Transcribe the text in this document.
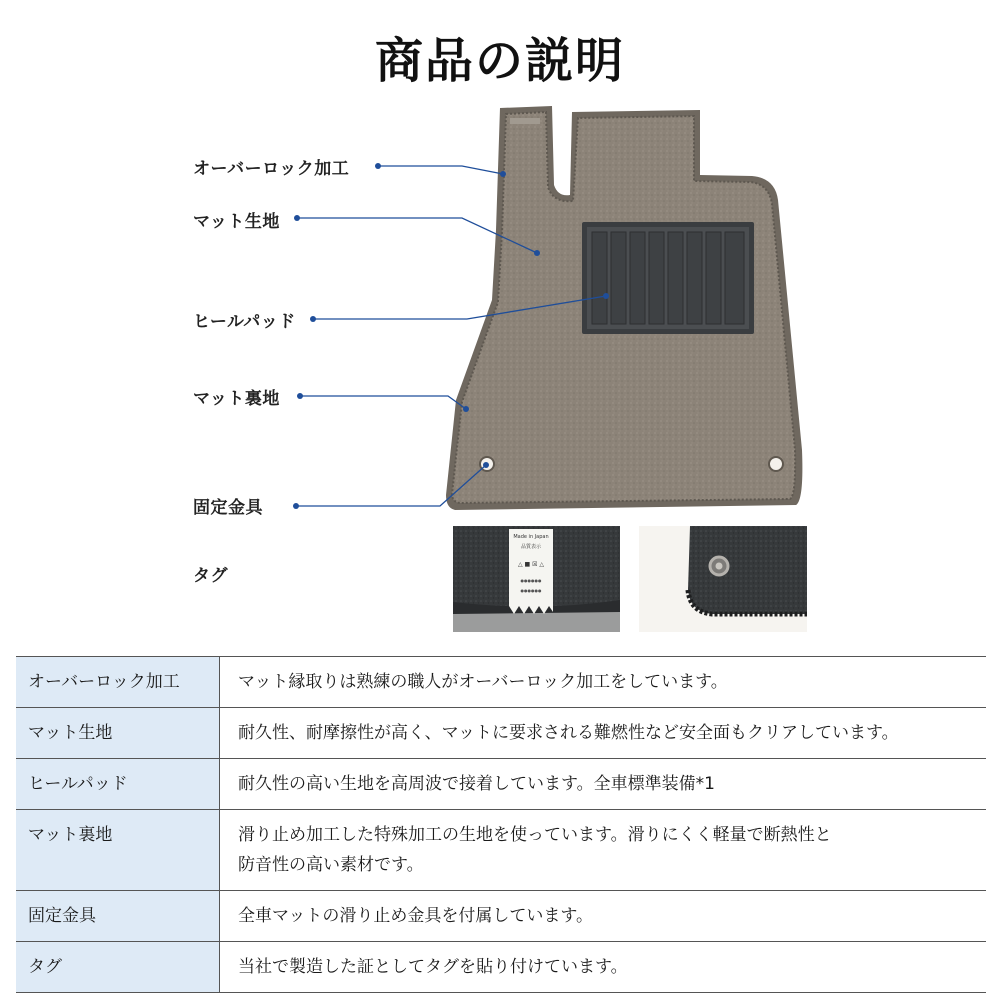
商品の説明
Made in Japan
品質表示
△ ■ ☒ △
●●●●●●
●●●●●●
オーバーロック加工
マット生地
ヒールパッド
マット裏地
固定金具
タグ
オーバーロック加工	マット縁取りは熟練の職人がオーバーロック加工をしています。

マット生地	耐久性、耐摩擦性が高く、マットに要求される難燃性など安全面もクリアしています。

ヒールパッド	耐久性の高い生地を高周波で接着しています。全車標準装備*1

マット裏地	滑り止め加工した特殊加工の生地を使っています。滑りにくく軽量で断熱性と
防音性の高い素材です。

固定金具	全車マットの滑り止め金具を付属しています。

タグ	当社で製造した証としてタグを貼り付けています。
